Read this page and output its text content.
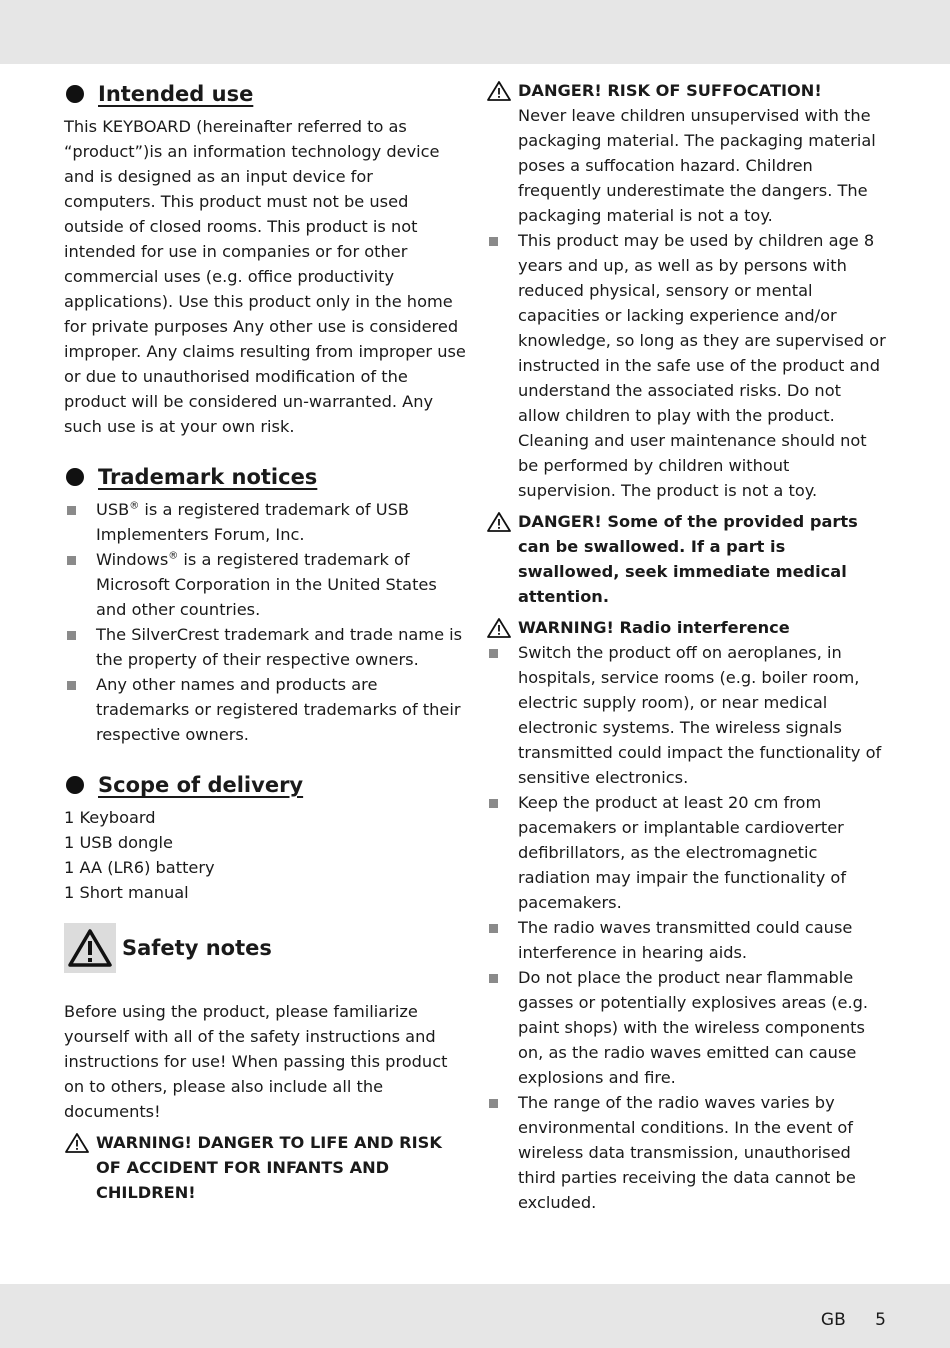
Intended use

This KEYBOARD (hereinafter referred to as “product”)is an information technology device and is designed as an input device for computers. This product must not be used outside of closed rooms. This product is not intended for use in companies or for other commercial uses (e.g. office productivity applications). Use this product only in the home for private purposes Any other use is considered improper. Any claims resulting from improper use or due to unauthorised modification of the product will be considered un-warranted. Any such use is at your own risk.

Trademark notices
USB® is a registered trademark of USB Implementers Forum, Inc.
Windows® is a registered trademark of Microsoft Corporation in the United States and other countries.
The SilverCrest trademark and trade name is the property of their respective owners.
Any other names and products are trademarks or registered trademarks of their respective owners.
Scope of delivery

1 Keyboard

1 USB dongle

1 AA (LR6) battery

1 Short manual

Safety notes

Before using the product, please familiarize yourself with all of the safety instructions and instructions for use! When passing this product on to others, please also include all the documents!

WARNING! DANGER TO LIFE AND RISK OF ACCIDENT FOR INFANTS AND CHILDREN!
DANGER! RISK OF SUFFOCATION!

Never leave children unsupervised with the packaging material. The packaging material poses a suffocation hazard. Children frequently underestimate the dangers. The packaging material is not a toy.

This product may be used by children age 8 years and up, as well as by persons with reduced physical, sensory or mental capacities or lacking experience and/or knowledge, so long as they are supervised or instructed in the safe use of the product and understand the associated risks. Do not allow children to play with the product. Cleaning and user maintenance should not be performed by children without supervision. The product is not a toy.
DANGER! Some of the provided parts can be swallowed. If a part is swallowed, seek immediate medical attention.
WARNING! Radio interference
Switch the product off on aeroplanes, in hospitals, service rooms (e.g. boiler room, electric supply room), or near medical electronic systems. The wireless signals transmitted could impact the functionality of sensitive electronics.
Keep the product at least 20 cm from pacemakers or implantable cardioverter defibrillators, as the electromagnetic radiation may impair the functionality of pacemakers.
The radio waves transmitted could cause interference in hearing aids.
Do not place the product near flammable gasses or potentially explosives areas (e.g. paint shops) with the wireless components on, as the radio waves emitted can cause explosions and fire.
The range of the radio waves varies by environmental conditions. In the event of wireless data transmission, unauthorised third parties receiving the data cannot be excluded.
GB 5
